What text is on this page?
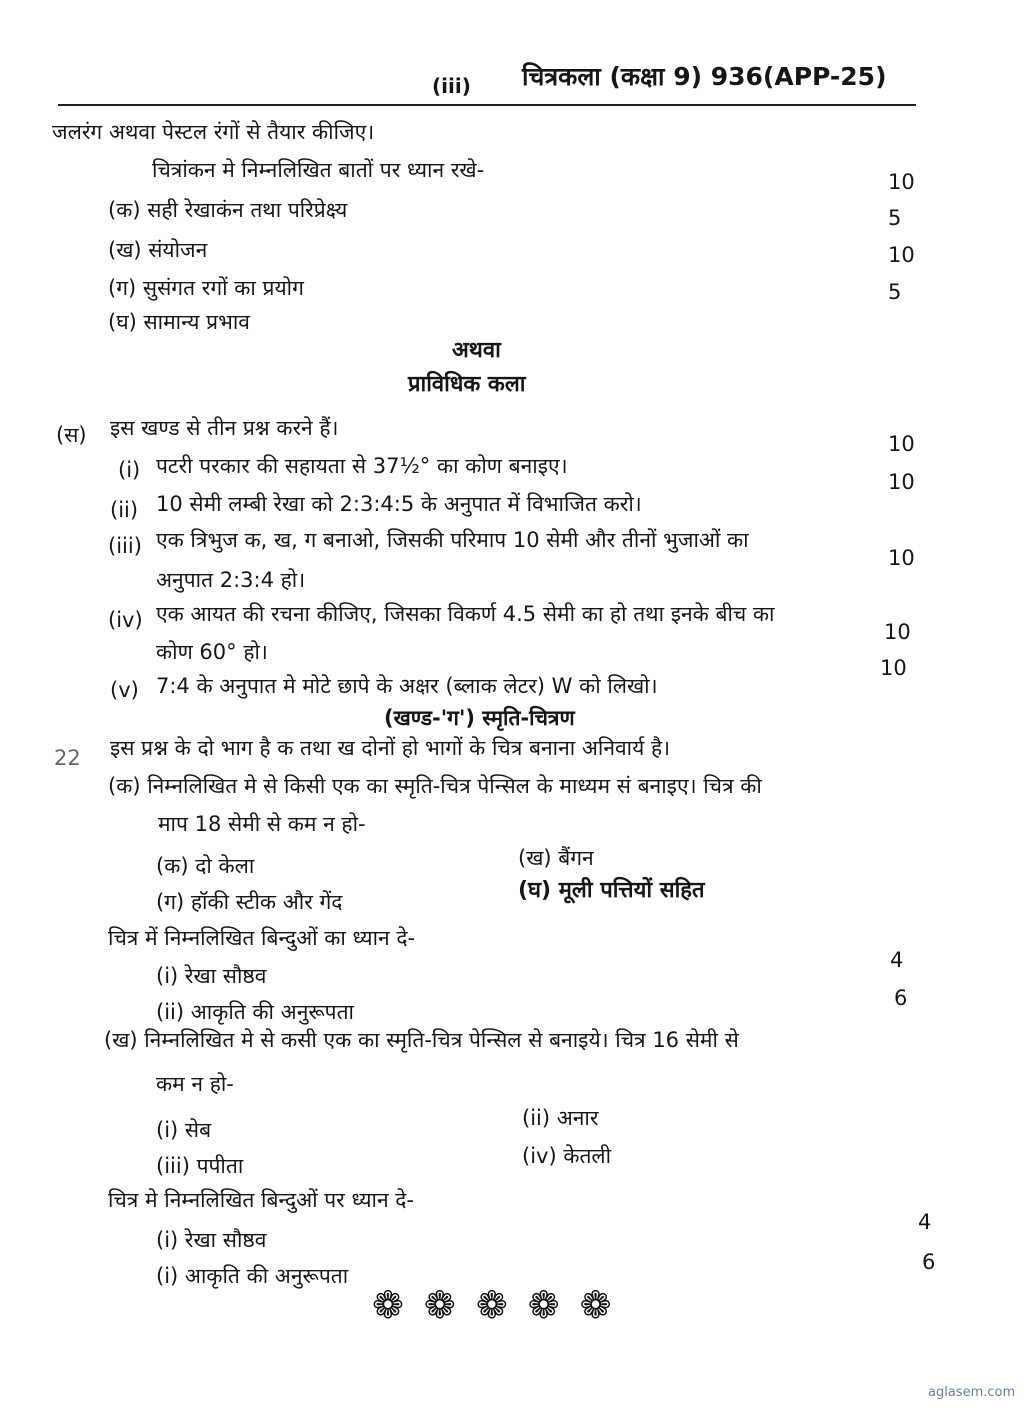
(iii) चित्रकला (कक्षा 9) 936(APP-25)
जलरंग अथवा पेस्टल रंगों से तैयार कीजिए।
चित्रांकन मे निम्नलिखित बातों पर ध्यान रखे-	10
(क) सही रेखाकंन तथा परिप्रेक्ष्य	5
(ख) संयोजन	10
(ग) सुसंगत रगों का प्रयोग	5
(घ) सामान्य प्रभाव
अथवा
प्राविधिक कला
(स) इस खण्ड से तीन प्रश्न करने हैं।
(i) पटरी परकार की सहायता से 37½° का कोण बनाइए।
10
(ii) 10 सेमी लम्बी रेखा को 2:3:4:5 के अनुपात में विभाजित करो।
10
(iii) एक त्रिभुज क, ख, ग बनाओ, जिसकी परिमाप 10 सेमी और तीनों भुजाओं का
अनुपात 2:3:4 हो।
10
(iv) एक आयत की रचना कीजिए, जिसका विकर्ण 4.5 सेमी का हो तथा इनके बीच का
कोण 60° हो।
10
(v) 7:4 के अनुपात मे मोटे छापे के अक्षर (ब्लाक लेटर) W को लिखो।
10
(खण्ड-'ग') स्मृति-चित्रण
22 इस प्रश्न के दो भाग है क तथा ख दोनों हो भागों के चित्र बनाना अनिवार्य है।
(क) निम्नलिखित मे से किसी एक का स्मृति-चित्र पेन्सिल के माध्यम सं बनाइए। चित्र की
माप 18 सेमी से कम न हो-
(क) दो केला	(ख) बैंगन
(ग) हॉकी स्टीक और गेंद	(घ) मूली पत्तियों सहित
चित्र में निम्नलिखित बिन्दुओं का ध्यान दे-
(i) रेखा सौष्ठव
4
(ii) आकृति की अनुरूपता
6
(ख) निम्नलिखित मे से कसी एक का स्मृति-चित्र पेन्सिल से बनाइये। चित्र 16 सेमी से
कम न हो-
(i) सेब	(ii) अनार
(iii) पपीता	(iv) केतली
चित्र मे निम्नलिखित बिन्दुओं पर ध्यान दे-
(i) रेखा सौष्ठव
4
(i) आकृति की अनुरूपता
6
❁ ❁ ❁ ❁ ❁
aglasem.com
